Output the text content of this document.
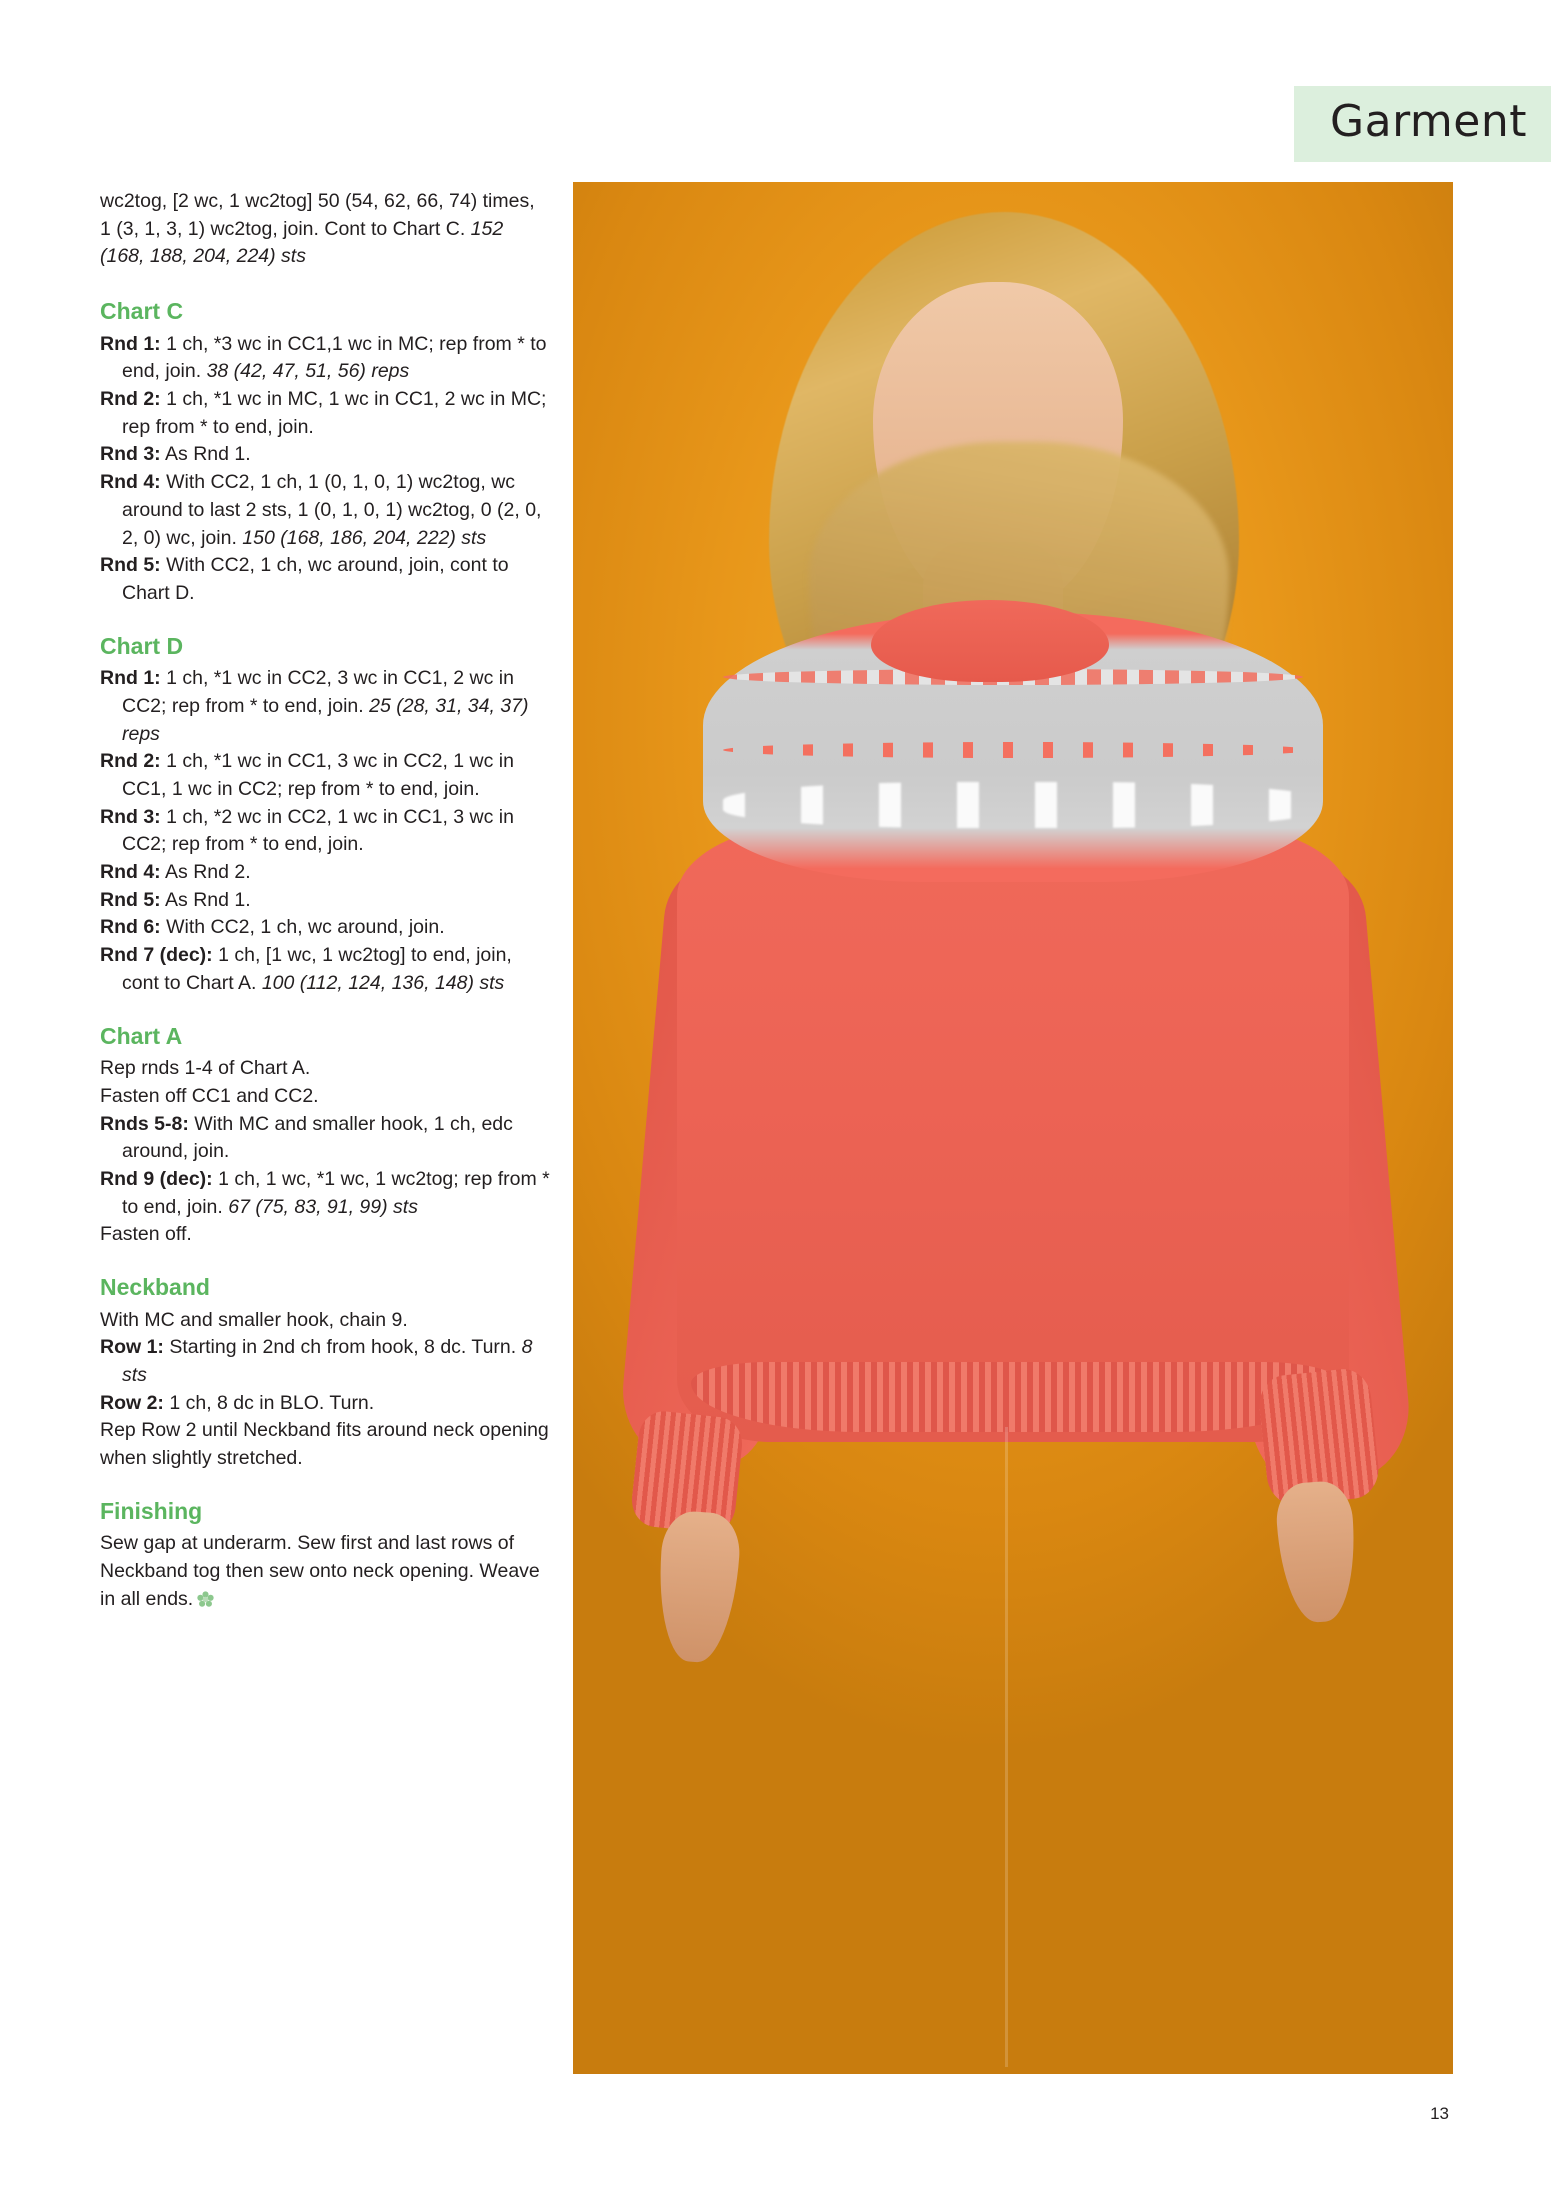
Garment

wc2tog, [2 wc, 1 wc2tog] 50 (54, 62, 66, 74) times, 1 (3, 1, 3, 1) wc2tog, join. Cont to Chart C. 152 (168, 188, 204, 224) sts

Chart C

Rnd 1: 1 ch, *3 wc in CC1,1 wc in MC; rep from * to end, join. 38 (42, 47, 51, 56) reps

Rnd 2: 1 ch, *1 wc in MC, 1 wc in CC1, 2 wc in MC; rep from * to end, join.

Rnd 3: As Rnd 1.

Rnd 4: With CC2, 1 ch, 1 (0, 1, 0, 1) wc2tog, wc around to last 2 sts, 1 (0, 1, 0, 1) wc2tog, 0 (2, 0, 2, 0) wc, join. 150 (168, 186, 204, 222) sts

Rnd 5: With CC2, 1 ch, wc around, join, cont to Chart D.

Chart D

Rnd 1: 1 ch, *1 wc in CC2, 3 wc in CC1, 2 wc in CC2; rep from * to end, join. 25 (28, 31, 34, 37) reps

Rnd 2: 1 ch, *1 wc in CC1, 3 wc in CC2, 1 wc in CC1, 1 wc in CC2; rep from * to end, join.

Rnd 3: 1 ch, *2 wc in CC2, 1 wc in CC1, 3 wc in CC2; rep from * to end, join.

Rnd 4: As Rnd 2.

Rnd 5: As Rnd 1.

Rnd 6: With CC2, 1 ch, wc around, join.

Rnd 7 (dec): 1 ch, [1 wc, 1 wc2tog] to end, join, cont to Chart A. 100 (112, 124, 136, 148) sts

Chart A

Rep rnds 1-4 of Chart A.

Fasten off CC1 and CC2.

Rnds 5-8: With MC and smaller hook, 1 ch, edc around, join.

Rnd 9 (dec): 1 ch, 1 wc, *1 wc, 1 wc2tog; rep from * to end, join. 67 (75, 83, 91, 99) sts

Fasten off.

Neckband

With MC and smaller hook, chain 9.

Row 1: Starting in 2nd ch from hook, 8 dc. Turn. 8 sts

Row 2: 1 ch, 8 dc in BLO. Turn.

Rep Row 2 until Neckband fits around neck opening when slightly stretched.

Finishing

Sew gap at underarm. Sew first and last rows of Neckband tog then sew onto neck opening. Weave in all ends.

13
